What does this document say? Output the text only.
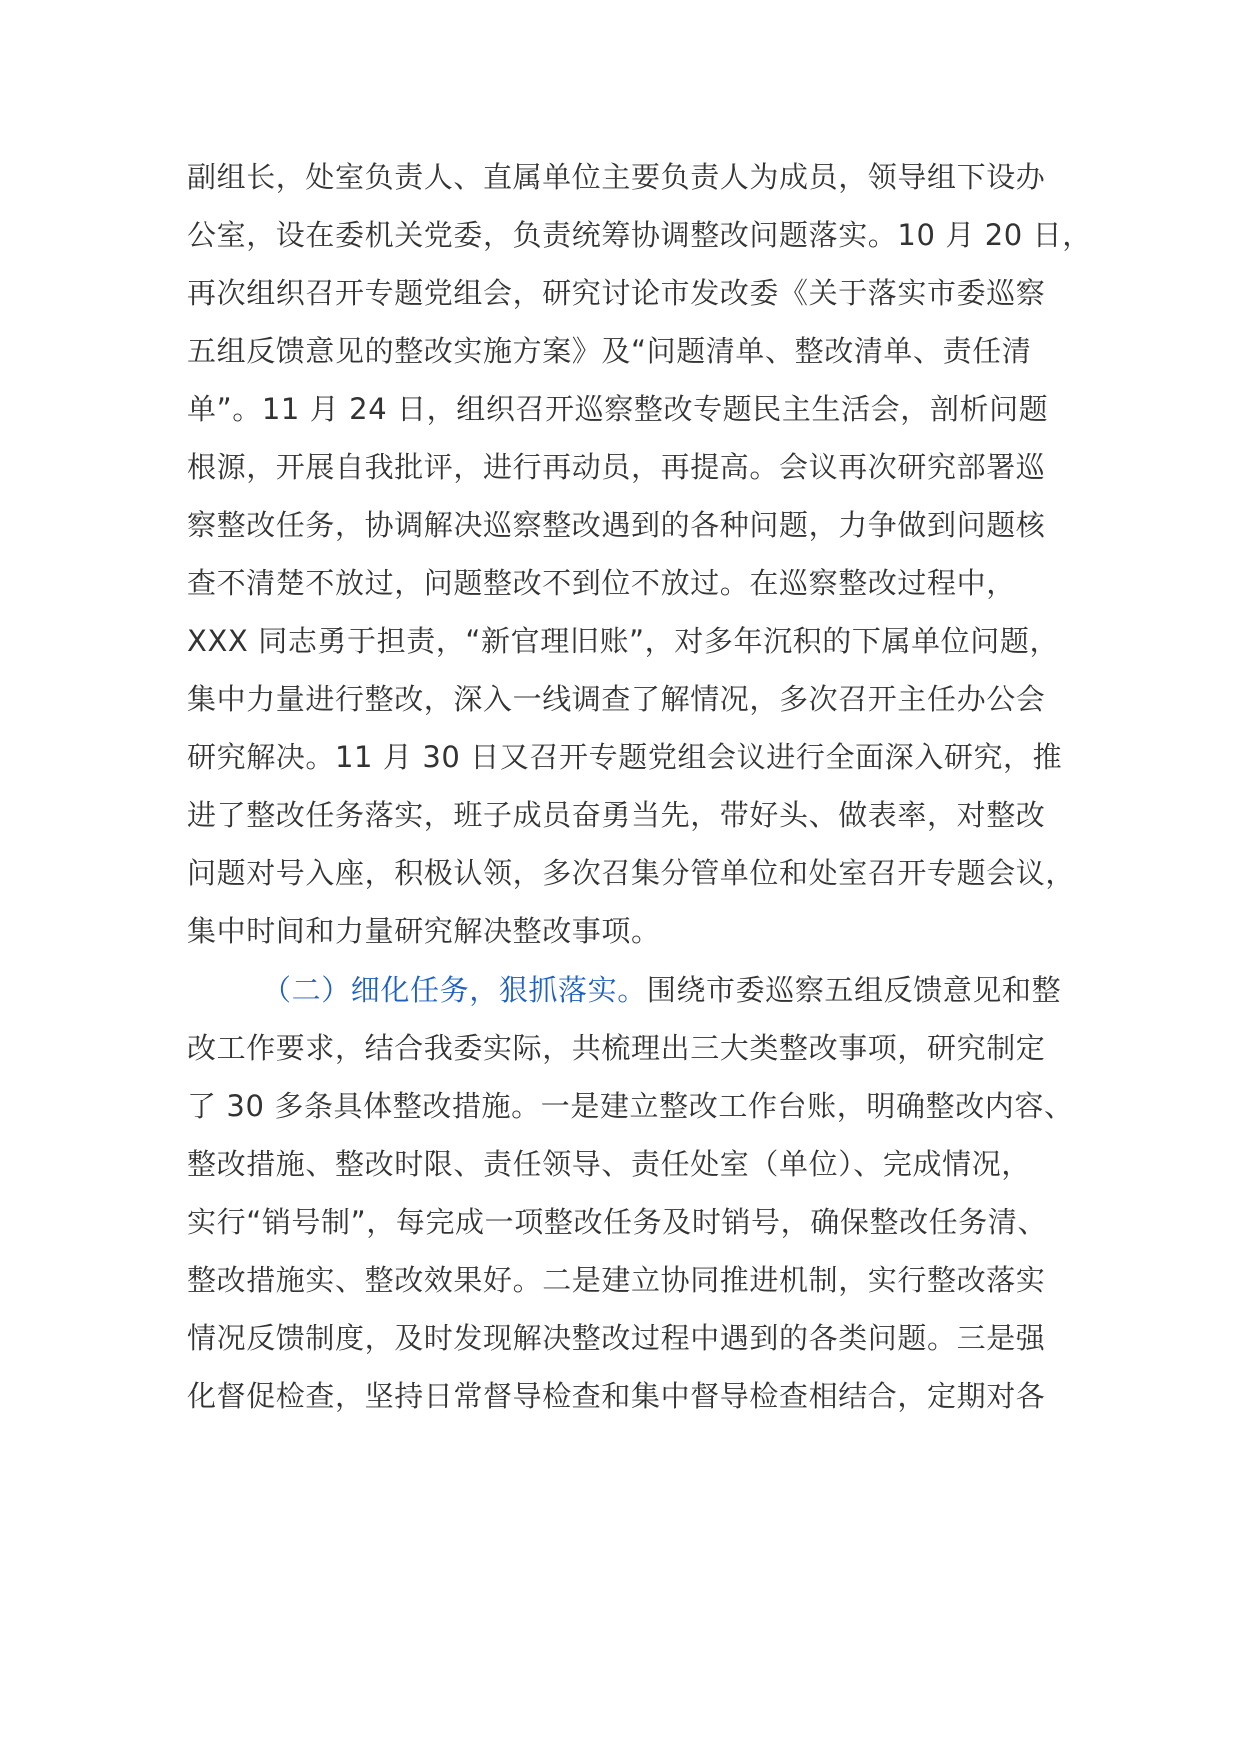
副组长，处室负责人、直属单位主要负责人为成员，领导组下设办
公室，设在委机关党委，负责统筹协调整改问题落实。10 月 20 日，
再次组织召开专题党组会，研究讨论市发改委《关于落实市委巡察
五组反馈意见的整改实施方案》及“问题清单、整改清单、责任清
单”。11 月 24 日，组织召开巡察整改专题民主生活会，剖析问题
根源，开展自我批评，进行再动员，再提高。会议再次研究部署巡
察整改任务，协调解决巡察整改遇到的各种问题，力争做到问题核
查不清楚不放过，问题整改不到位不放过。在巡察整改过程中，
XXX 同志勇于担责，“新官理旧账”，对多年沉积的下属单位问题，
集中力量进行整改，深入一线调查了解情况，多次召开主任办公会
研究解决。11 月 30 日又召开专题党组会议进行全面深入研究，推
进了整改任务落实，班子成员奋勇当先，带好头、做表率，对整改
问题对号入座，积极认领，多次召集分管单位和处室召开专题会议，
集中时间和力量研究解决整改事项。
（二）细化任务，狠抓落实。围绕市委巡察五组反馈意见和整
改工作要求，结合我委实际，共梳理出三大类整改事项，研究制定
了 30 多条具体整改措施。一是建立整改工作台账，明确整改内容、
整改措施、整改时限、责任领导、责任处室（单位）、完成情况，
实行“销号制”，每完成一项整改任务及时销号，确保整改任务清、
整改措施实、整改效果好。二是建立协同推进机制，实行整改落实
情况反馈制度，及时发现解决整改过程中遇到的各类问题。三是强
化督促检查，坚持日常督导检查和集中督导检查相结合，定期对各
